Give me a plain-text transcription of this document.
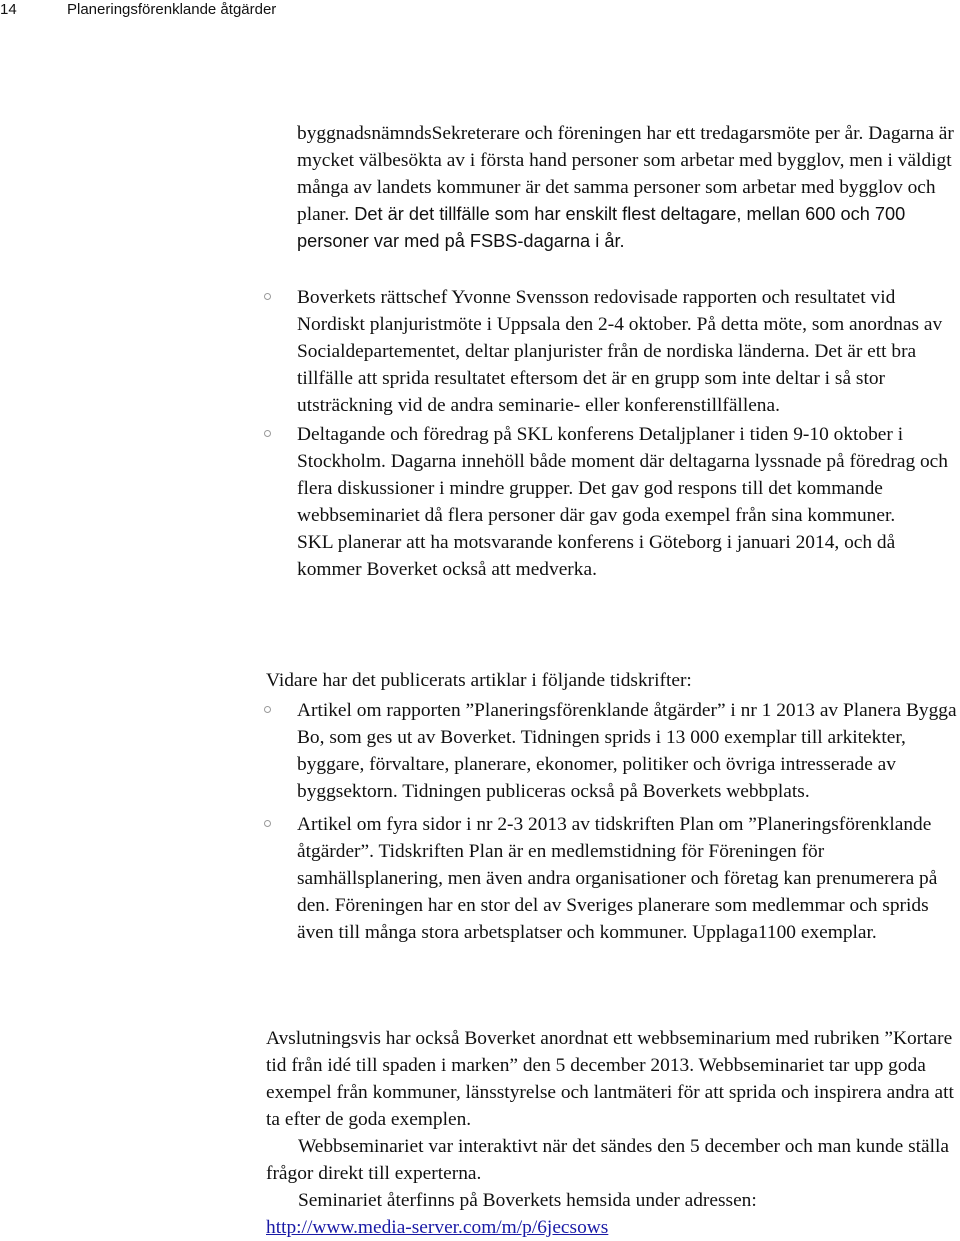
14	Planeringsförenklande åtgärder
byggnadsnämndsSekreterare och föreningen har ett tredagarsmöte per år. Dagarna är mycket välbesökta av i första hand personer som arbetar med bygglov, men i väldigt många av landets kommuner är det samma personer som arbetar med bygglov och planer. Det är det tillfälle som har enskilt flest deltagare, mellan 600 och 700 personer var med på FSBS-dagarna i år.
Boverkets rättschef Yvonne Svensson redovisade rapporten och resultatet vid Nordiskt planjuristmöte i Uppsala den 2-4 oktober. På detta möte, som anordnas av Socialdepartementet, deltar planjurister från de nordiska länderna. Det är ett bra tillfälle att sprida resultatet eftersom det är en grupp som inte deltar i så stor utsträckning vid de andra seminarie- eller konferenstillfällena.
Deltagande och föredrag på SKL konferens Detaljplaner i tiden 9-10 oktober i Stockholm. Dagarna innehöll både moment där deltagarna lyssnade på föredrag och flera diskussioner i mindre grupper. Det gav god respons till det kommande webbseminariet då flera personer där gav goda exempel från sina kommuner.

SKL planerar att ha motsvarande konferens i Göteborg i januari 2014, och då kommer Boverket också att medverka.

Vidare har det publicerats artiklar i följande tidskrifter:
Artikel om rapporten ”Planeringsförenklande åtgärder” i nr 1 2013 av Planera Bygga Bo, som ges ut av Boverket. Tidningen sprids i 13 000 exemplar till arkitekter, byggare, förvaltare, planerare, ekonomer, politiker och övriga intresserade av byggsektorn. Tidningen publiceras också på Boverkets webbplats.
Artikel om fyra sidor i nr 2-3 2013 av tidskriften Plan om ”Planeringsförenklande åtgärder”. Tidskriften Plan är en medlemstidning för Föreningen för samhällsplanering, men även andra organisationer och företag kan prenumerera på den. Föreningen har en stor del av Sveriges planerare som medlemmar och sprids även till många stora arbetsplatser och kommuner. Upplaga1100 exemplar.

Avslutningsvis har också Boverket anordnat ett webbseminarium med rubriken ”Kortare tid från idé till spaden i marken” den 5 december 2013. Webbseminariet tar upp goda exempel från kommuner, länsstyrelse och lantmäteri för att sprida och inspirera andra att ta efter de goda exemplen.

Webbseminariet var interaktivt när det sändes den 5 december och man kunde ställa frågor direkt till experterna.

Seminariet återfinns på Boverkets hemsida under adressen:

http://www.media-server.com/m/p/6jecsows
